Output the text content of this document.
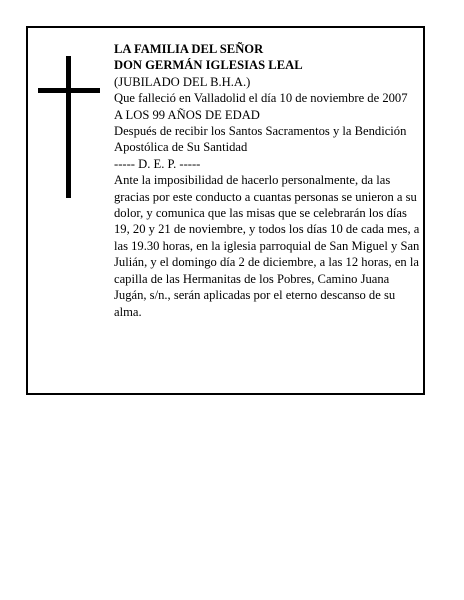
LA FAMILIA DEL SEÑOR
DON GERMÁN IGLESIAS LEAL
(JUBILADO DEL B.H.A.)
Que falleció en Valladolid el día 10 de noviembre de 2007
A LOS 99 AÑOS DE EDAD
Después de recibir los Santos Sacramentos y la Bendición Apostólica de Su Santidad
----- D. E. P. -----
Ante la imposibilidad de hacerlo personalmente, da las gracias por este conducto a cuantas personas se unieron a su dolor, y comunica que las misas que se celebrarán los días 19, 20 y 21 de noviembre, y todos los días 10 de cada mes, a las 19.30 horas, en la iglesia parroquial de San Miguel y San Julián, y el domingo día 2 de diciembre, a las 12 horas, en la capilla de las Hermanitas de los Pobres, Camino Juana Jugán, s/n., serán aplicadas por el eterno descanso de su alma.
